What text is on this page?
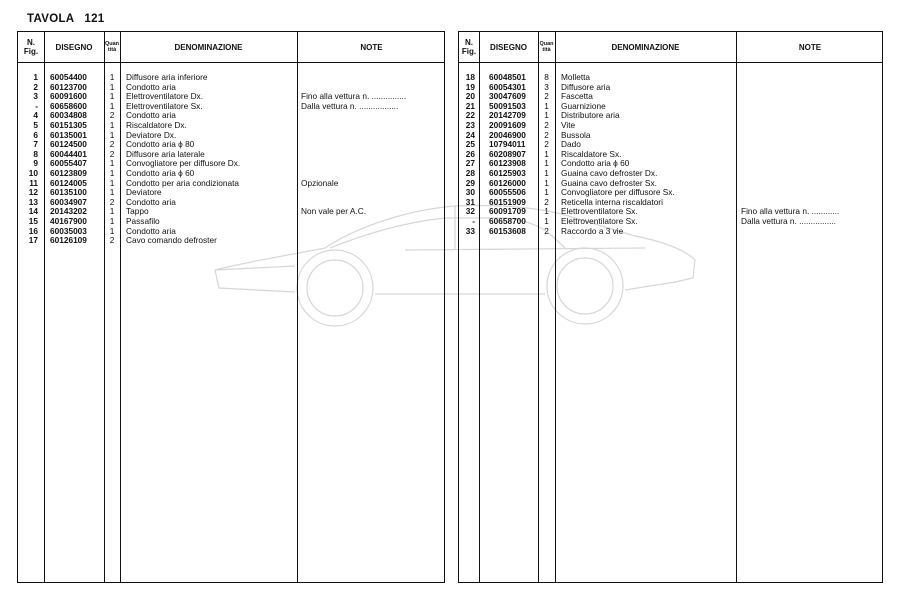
TAVOLA 121
N.
Fig.	DISEGNO	Quan
tità	DENOMINAZIONE	NOTE
1 60054400	1	Diffusore aria inferiore
2 60123700	1	Condotto aria
3 60091600	1	Elettroventilatore Dx.	Fino alla vettura n. ...............
- 60658600	1	Elettroventilatore Sx.	Dalla vettura n. .................
4 60034808	2	Condotto aria
5 60151305	1	Riscaldatore Dx.
6 60135001	1	Deviatore Dx.
7 60124500	2	Condotto aria ϕ 80
8 60044401	2	Diffusore aria laterale
9 60055407	1	Convogliatore per diffusore Dx.
10 60123809	1	Condotto aria ϕ 60
11 60124005	1	Condotto per aria condizionata	Opzionale
12 60135100	1	Deviatore
13 60034907	2	Condotto aria
14 20143202	1	Tappo	Non vale per A.C.
15 40167900	1	Passafilo
16 60035003	1	Condotto aria
17 60126109	2	Cavo comando defroster
N.
Fig.	DISEGNO	Quan
tità	DENOMINAZIONE	NOTE
18 60048501	8	Molletta
19 60054301	3	Diffusore aria
20 30047609	2	Fascetta
21 50091503	1	Guarnizione
22 20142709	1	Distributore aria
23 20091609	2	Vite
24 20046900	2	Bussola
25 10794011	2	Dado
26 60208907	1	Riscaldatore Sx.
27 60123908	1	Condotto aria ϕ 60
28 60125903	1	Guaina cavo defroster Dx.
29 60126000	1	Guaina cavo defroster Sx.
30 60055506	1	Convogliatore per diffusore Sx.
31 60151909	2	Reticella interna riscaldatori
32 60091709	1	Elettroventilatore Sx.	Fino alla vettura n. ............
- 60658700	1	Elettroventilatore Sx.	Dalla vettura n. ................
33 60153608	2	Raccordo a 3 vie
